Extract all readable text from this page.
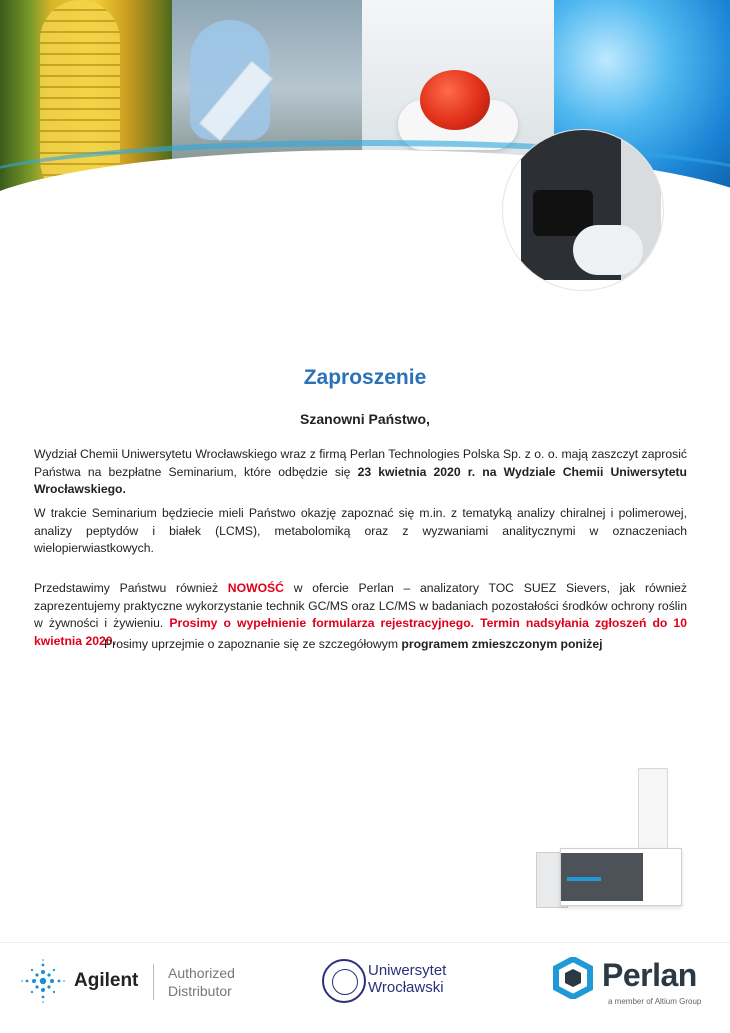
Zaproszenie
Szanowni Państwo,
Wydział Chemii Uniwersytetu Wrocławskiego wraz z firmą Perlan Technologies Polska Sp. z o. o. mają zaszczyt zaprosić Państwa na bezpłatne Seminarium, które odbędzie się 23 kwietnia 2020 r. na Wydziale Chemii Uniwersytetu Wrocławskiego.
W trakcie Seminarium będziecie mieli Państwo okazję zapoznać się m.in. z tematyką analizy chiralnej i polimerowej, analizy peptydów i białek (LCMS), metabolomiką oraz z wyzwaniami analitycznymi w oznaczeniach wielopierwiastkowych.
Przedstawimy Państwu również NOWOŚĆ w ofercie Perlan – analizatory TOC SUEZ Sievers, jak również zaprezentujemy praktyczne wykorzystanie technik GC/MS oraz LC/MS w badaniach pozostałości środków ochrony roślin w żywności i żywieniu. Prosimy o wypełnienie formularza rejestracyjnego. Termin nadsyłania zgłoszeń do 10 kwietnia 2020.
Prosimy uprzejmie o zapoznanie się ze szczegółowym programem zmieszczonym poniżej
Agilent Authorized
Distributor
Uniwersytet
Wrocławski	Perlan
a member of Altium Group
